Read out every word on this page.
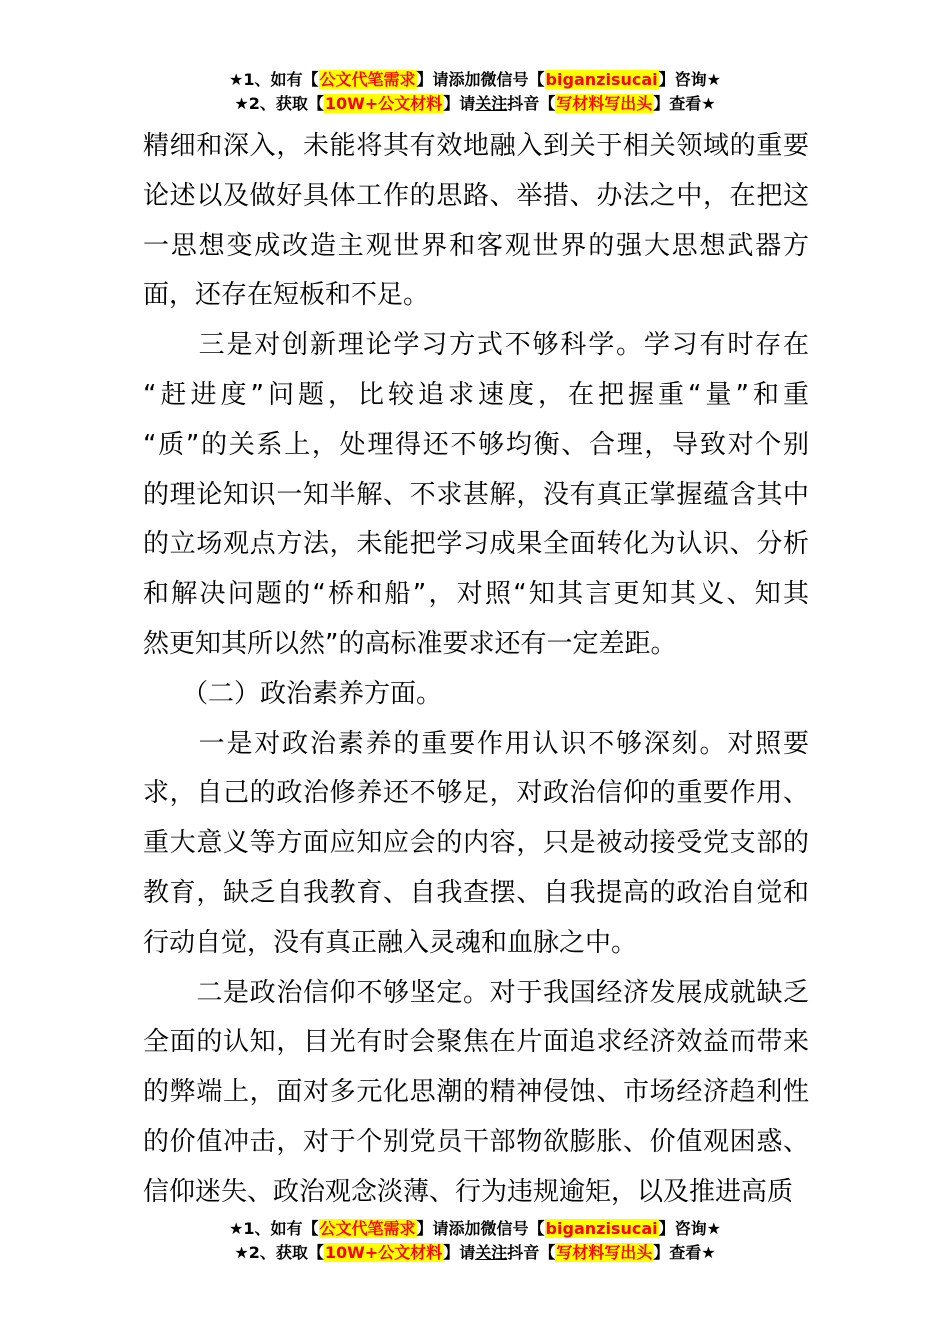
★1、如有【公文代笔需求】请添加微信号【biganzisucai】咨询★
★2、获取【10W+公文材料】请关注抖音【写材料写出头】查看★

精细和深入，未能将其有效地融入到关于相关领域的重要
论述以及做好具体工作的思路、举措、办法之中，在把这
一思想变成改造主观世界和客观世界的强大思想武器方
面，还存在短板和不足。

　　三是对创新理论学习方式不够科学。学习有时存在
“赶进度”问题，比较追求速度，在把握重“量”和重
“质”的关系上，处理得还不够均衡、合理，导致对个别
的理论知识一知半解、不求甚解，没有真正掌握蕴含其中
的立场观点方法，未能把学习成果全面转化为认识、分析
和解决问题的“桥和船”，对照“知其言更知其义、知其
然更知其所以然”的高标准要求还有一定差距。

　　（二）政治素养方面。

　　一是对政治素养的重要作用认识不够深刻。对照要
求，自己的政治修养还不够足，对政治信仰的重要作用、
重大意义等方面应知应会的内容，只是被动接受党支部的
教育，缺乏自我教育、自我查摆、自我提高的政治自觉和
行动自觉，没有真正融入灵魂和血脉之中。

　　二是政治信仰不够坚定。对于我国经济发展成就缺乏
全面的认知，目光有时会聚焦在片面追求经济效益而带来
的弊端上，面对多元化思潮的精神侵蚀、市场经济趋利性
的价值冲击，对于个别党员干部物欲膨胀、价值观困惑、
信仰迷失、政治观念淡薄、行为违规逾矩，以及推进高质

★1、如有【公文代笔需求】请添加微信号【biganzisucai】咨询★
★2、获取【10W+公文材料】请关注抖音【写材料写出头】查看★
